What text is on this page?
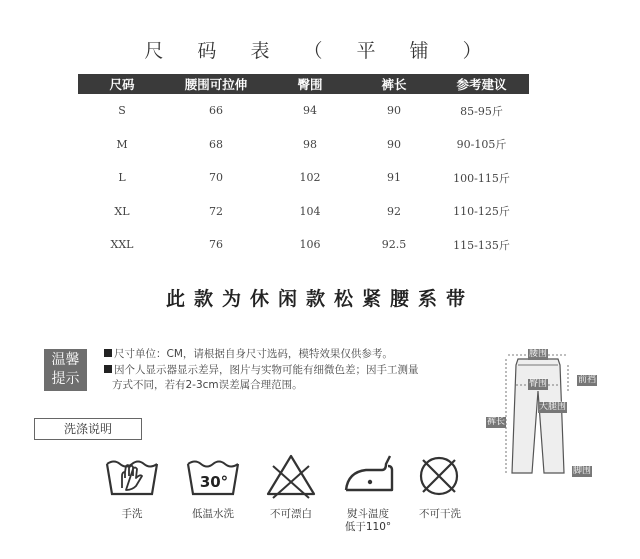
尺 码 表 （ 平 铺 ）
尺码	腰围可拉伸	臀围	裤长	参考建议
S	66	94	90	85-95斤
M	68	98	90	90-105斤
L	70	102	91	100-115斤
XL	72	104	92	110-125斤
XXL	76	106	92.5	115-135斤
此款为休闲款松紧腰系带
温馨
提示

尺寸单位：CM，请根据自身尺寸选码，模特效果仅供参考。

因个人显示器显示差异，图片与实物可能有细微色差；因手工测量

方式不同，若有2-3cm误差属合理范围。

洗涤说明
手洗
30°
低温水洗	不可漂白	熨斗温度
低于110°
不可干洗
腰围
臀围	前裆
大腿围
裤长
脚围
